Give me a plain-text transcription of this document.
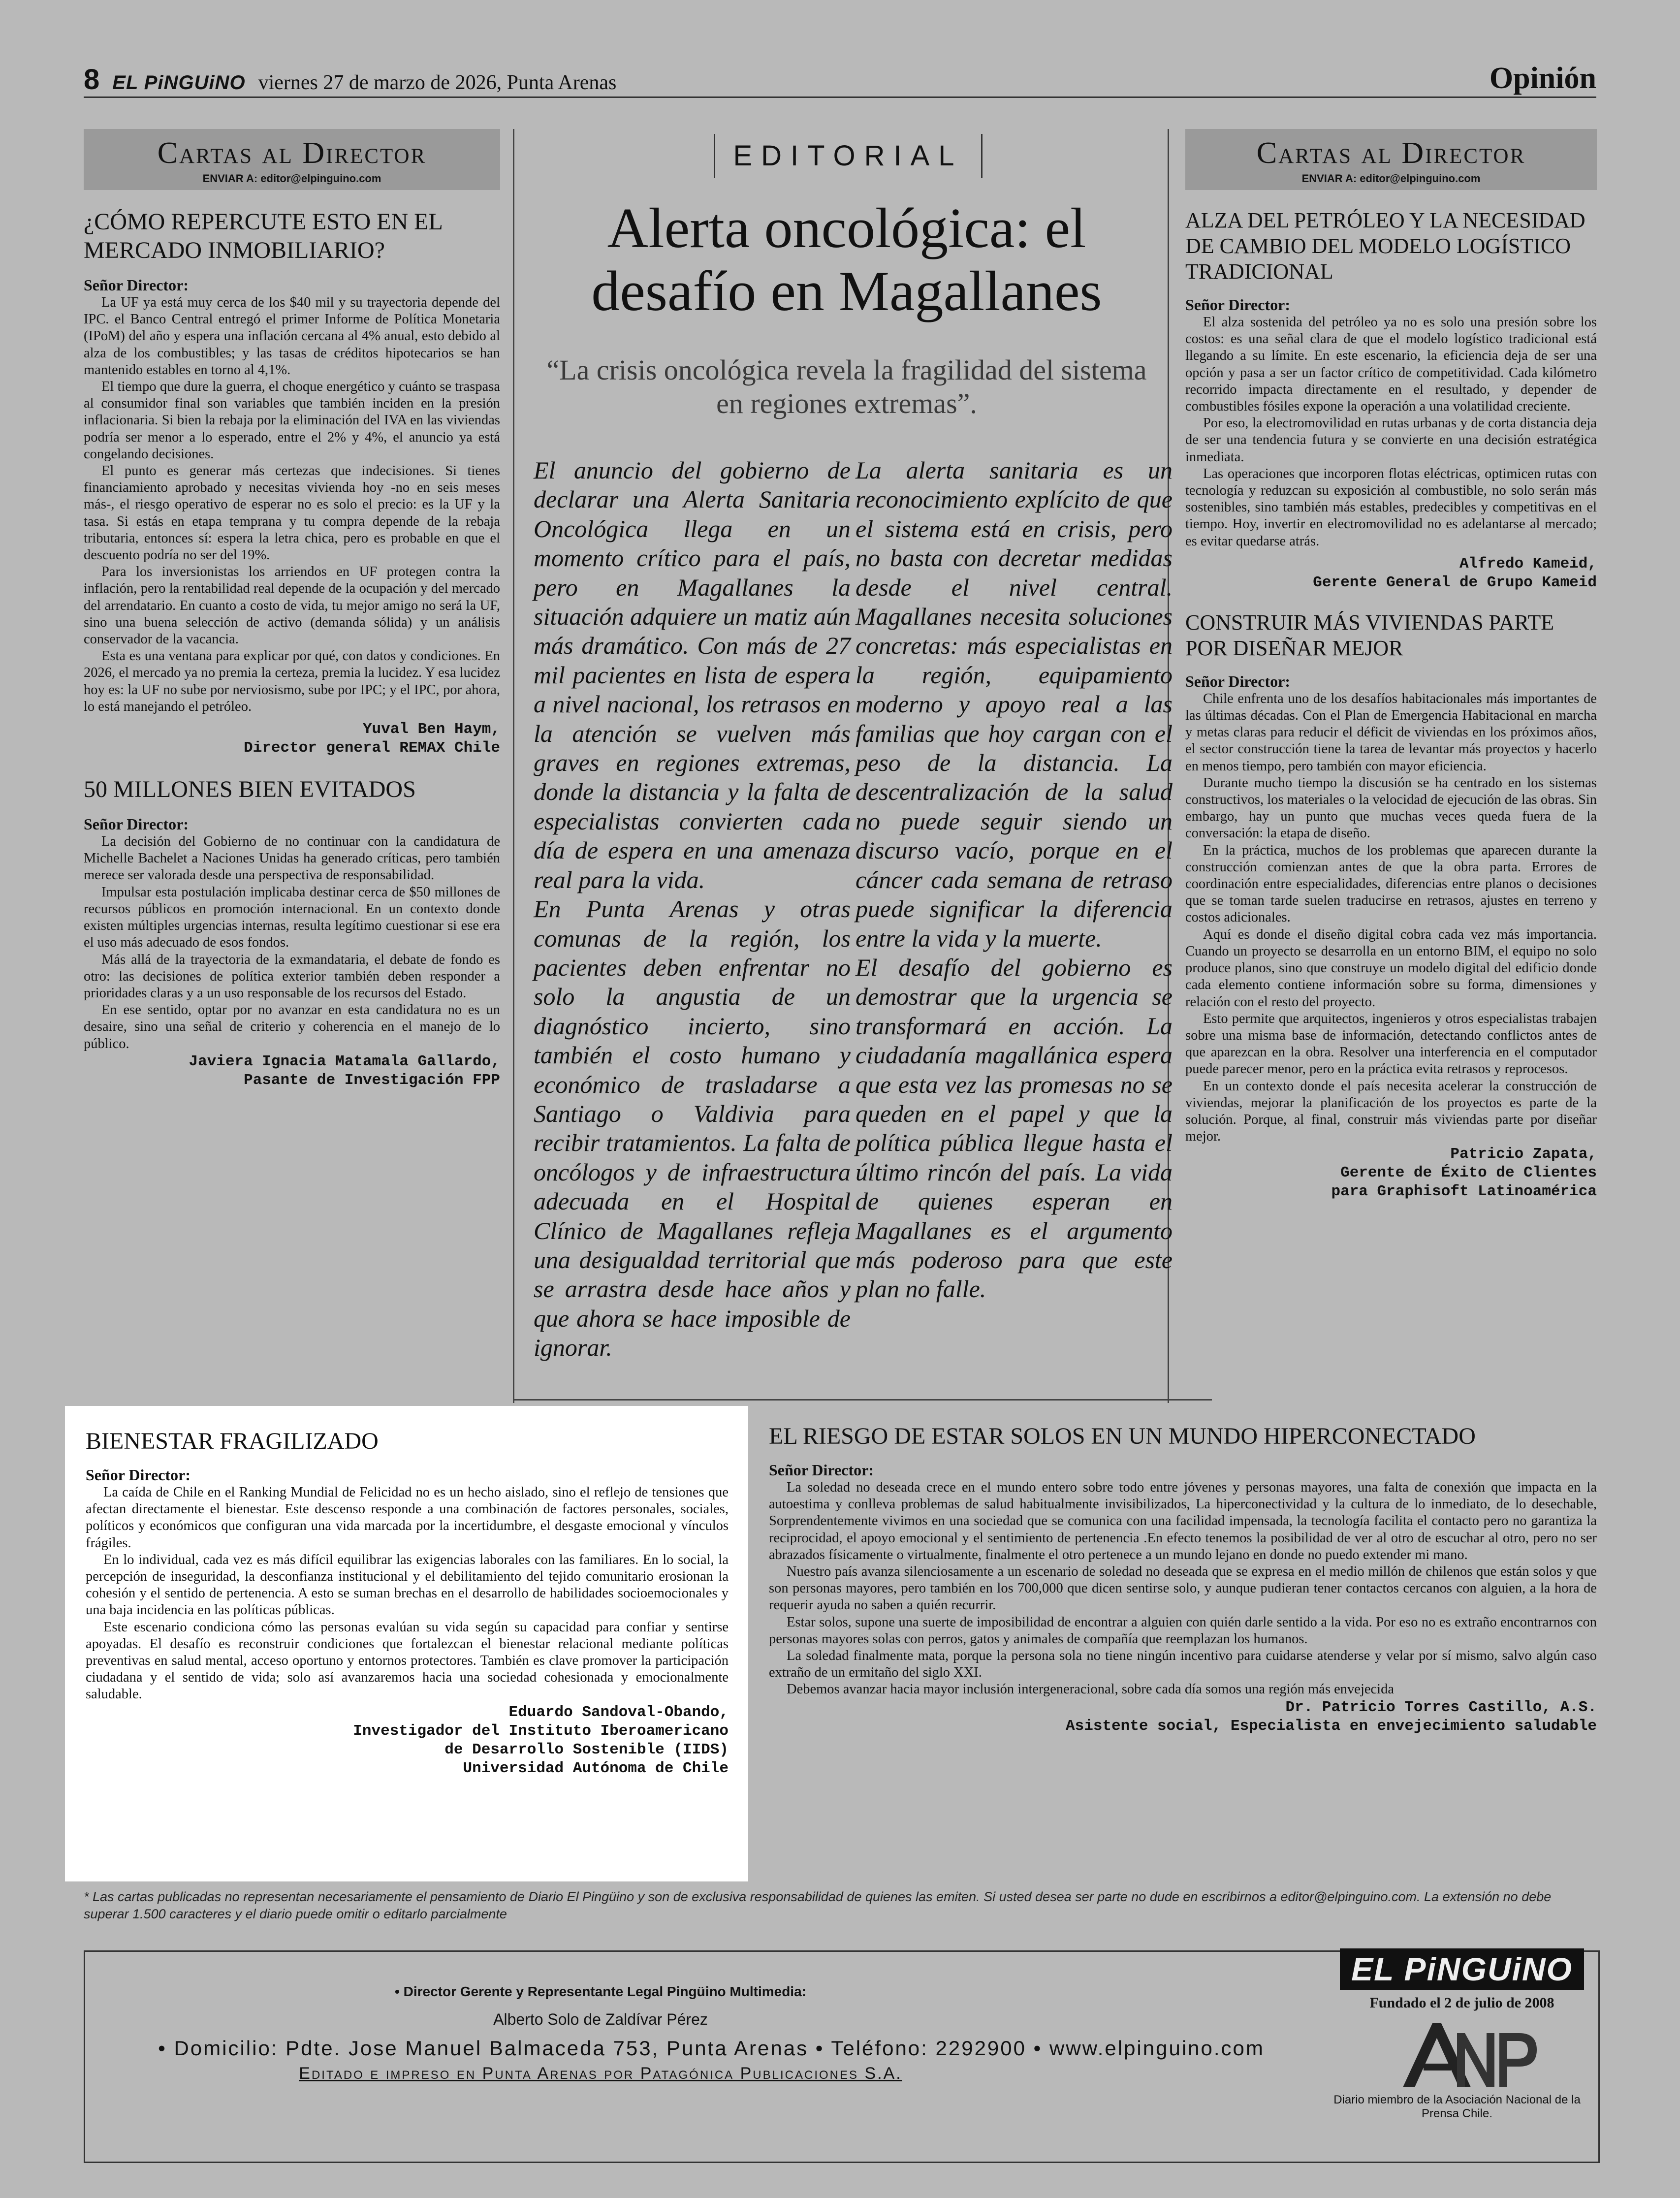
8 EL PiNGUiNO viernes 27 de marzo de 2026, Punta Arenas	Opinión
Cartas al Director
ENVIAR A: editor@elpinguino.com
¿CÓMO REPERCUTE ESTO EN EL MERCADO INMOBILIARIO?
Señor Director:

La UF ya está muy cerca de los $40 mil y su trayectoria depende del IPC. el Banco Central entregó el primer Informe de Política Monetaria (IPoM) del año y espera una inflación cercana al 4% anual, esto debido al alza de los combustibles; y las tasas de créditos hipotecarios se han mantenido estables en torno al 4,1%.

El tiempo que dure la guerra, el choque energético y cuánto se traspasa al consumidor final son variables que también inciden en la presión inflacionaria. Si bien la rebaja por la eliminación del IVA en las viviendas podría ser menor a lo esperado, entre el 2% y 4%, el anuncio ya está congelando decisiones.

El punto es generar más certezas que indecisiones. Si tienes financiamiento aprobado y necesitas vivienda hoy -no en seis meses más-, el riesgo operativo de esperar no es solo el precio: es la UF y la tasa. Si estás en etapa temprana y tu compra depende de la rebaja tributaria, entonces sí: espera la letra chica, pero es probable en que el descuento podría no ser del 19%.

Para los inversionistas los arriendos en UF protegen contra la inflación, pero la rentabilidad real depende de la ocupación y del mercado del arrendatario. En cuanto a costo de vida, tu mejor amigo no será la UF, sino una buena selección de activo (demanda sólida) y un análisis conservador de la vacancia.

Esta es una ventana para explicar por qué, con datos y condiciones. En 2026, el mercado ya no premia la certeza, premia la lucidez. Y esa lucidez hoy es: la UF no sube por nerviosismo, sube por IPC; y el IPC, por ahora, lo está manejando el petróleo.

Yuval Ben Haym,
Director general REMAX Chile
50 MILLONES BIEN EVITADOS
Señor Director:

La decisión del Gobierno de no continuar con la candidatura de Michelle Bachelet a Naciones Unidas ha generado críticas, pero también merece ser valorada desde una perspectiva de responsabilidad.

Impulsar esta postulación implicaba destinar cerca de $50 millones de recursos públicos en promoción internacional. En un contexto donde existen múltiples urgencias internas, resulta legítimo cuestionar si ese era el uso más adecuado de esos fondos.

Más allá de la trayectoria de la exmandataria, el debate de fondo es otro: las decisiones de política exterior también deben responder a prioridades claras y a un uso responsable de los recursos del Estado.

En ese sentido, optar por no avanzar en esta candidatura no es un desaire, sino una señal de criterio y coherencia en el manejo de lo público.

Javiera Ignacia Matamala Gallardo,
Pasante de Investigación FPP
EDITORIAL
Alerta oncológica: el desafío en Magallanes
“La crisis oncológica revela la fragilidad del sistema en regiones extremas”.

El anuncio del gobierno de declarar una Alerta Sanitaria Oncológica llega en un momento crítico para el país, pero en Magallanes la situación adquiere un matiz aún más dramático. Con más de 27 mil pacientes en lista de espera a nivel nacional, los retrasos en la atención se vuelven más graves en regiones extremas, donde la distancia y la falta de especialistas convierten cada día de espera en una amenaza real para la vida.

En Punta Arenas y otras comunas de la región, los pacientes deben enfrentar no solo la angustia de un diagnóstico incierto, sino también el costo humano y económico de trasladarse a Santiago o Valdivia para recibir tratamientos. La falta de oncólogos y de infraestructura adecuada en el Hospital Clínico de Magallanes refleja una desigualdad territorial que se arrastra desde hace años y que ahora se hace imposible de ignorar.

La alerta sanitaria es un reconocimiento explícito de que el sistema está en crisis, pero no basta con decretar medidas desde el nivel central. Magallanes necesita soluciones concretas: más especialistas en la región, equipamiento moderno y apoyo real a las familias que hoy cargan con el peso de la distancia. La descentralización de la salud no puede seguir siendo un discurso vacío, porque en el cáncer cada semana de retraso puede significar la diferencia entre la vida y la muerte.

El desafío del gobierno es demostrar que la urgencia se transformará en acción. La ciudadanía magallánica espera que esta vez las promesas no se queden en el papel y que la política pública llegue hasta el último rincón del país. La vida de quienes esperan en Magallanes es el argumento más poderoso para que este plan no falle.

Cartas al Director
ENVIAR A: editor@elpinguino.com
ALZA DEL PETRÓLEO Y LA NECESIDAD DE CAMBIO DEL MODELO LOGÍSTICO TRADICIONAL
Señor Director:

El alza sostenida del petróleo ya no es solo una presión sobre los costos: es una señal clara de que el modelo logístico tradicional está llegando a su límite. En este escenario, la eficiencia deja de ser una opción y pasa a ser un factor crítico de competitividad. Cada kilómetro recorrido impacta directamente en el resultado, y depender de combustibles fósiles expone la operación a una volatilidad creciente.

Por eso, la electromovilidad en rutas urbanas y de corta distancia deja de ser una tendencia futura y se convierte en una decisión estratégica inmediata.

Las operaciones que incorporen flotas eléctricas, optimicen rutas con tecnología y reduzcan su exposición al combustible, no solo serán más sostenibles, sino también más estables, predecibles y competitivas en el tiempo. Hoy, invertir en electromovilidad no es adelantarse al mercado; es evitar quedarse atrás.

Alfredo Kameid,
Gerente General de Grupo Kameid
CONSTRUIR MÁS VIVIENDAS PARTE POR DISEÑAR MEJOR
Señor Director:

Chile enfrenta uno de los desafíos habitacionales más importantes de las últimas décadas. Con el Plan de Emergencia Habitacional en marcha y metas claras para reducir el déficit de viviendas en los próximos años, el sector construcción tiene la tarea de levantar más proyectos y hacerlo en menos tiempo, pero también con mayor eficiencia.

Durante mucho tiempo la discusión se ha centrado en los sistemas constructivos, los materiales o la velocidad de ejecución de las obras. Sin embargo, hay un punto que muchas veces queda fuera de la conversación: la etapa de diseño.

En la práctica, muchos de los problemas que aparecen durante la construcción comienzan antes de que la obra parta. Errores de coordinación entre especialidades, diferencias entre planos o decisiones que se toman tarde suelen traducirse en retrasos, ajustes en terreno y costos adicionales.

Aquí es donde el diseño digital cobra cada vez más importancia. Cuando un proyecto se desarrolla en un entorno BIM, el equipo no solo produce planos, sino que construye un modelo digital del edificio donde cada elemento contiene información sobre su forma, dimensiones y relación con el resto del proyecto.

Esto permite que arquitectos, ingenieros y otros especialistas trabajen sobre una misma base de información, detectando conflictos antes de que aparezcan en la obra. Resolver una interferencia en el computador puede parecer menor, pero en la práctica evita retrasos y reprocesos.

En un contexto donde el país necesita acelerar la construcción de viviendas, mejorar la planificación de los proyectos es parte de la solución. Porque, al final, construir más viviendas parte por diseñar mejor.

Patricio Zapata,
Gerente de Éxito de Clientes
para Graphisoft Latinoamérica
BIENESTAR FRAGILIZADO
Señor Director:

La caída de Chile en el Ranking Mundial de Felicidad no es un hecho aislado, sino el reflejo de tensiones que afectan directamente el bienestar. Este descenso responde a una combinación de factores personales, sociales, políticos y económicos que configuran una vida marcada por la incertidumbre, el desgaste emocional y vínculos frágiles.

En lo individual, cada vez es más difícil equilibrar las exigencias laborales con las familiares. En lo social, la percepción de inseguridad, la desconfianza institucional y el debilitamiento del tejido comunitario erosionan la cohesión y el sentido de pertenencia. A esto se suman brechas en el desarrollo de habilidades socioemocionales y una baja incidencia en las políticas públicas.

Este escenario condiciona cómo las personas evalúan su vida según su capacidad para confiar y sentirse apoyadas. El desafío es reconstruir condiciones que fortalezcan el bienestar relacional mediante políticas preventivas en salud mental, acceso oportuno y entornos protectores. También es clave promover la participación ciudadana y el sentido de vida; solo así avanzaremos hacia una sociedad cohesionada y emocionalmente saludable.

Eduardo Sandoval-Obando,
Investigador del Instituto Iberoamericano
de Desarrollo Sostenible (IIDS)
Universidad Autónoma de Chile
EL RIESGO DE ESTAR SOLOS EN UN MUNDO HIPERCONECTADO
Señor Director:

La soledad no deseada crece en el mundo entero sobre todo entre jóvenes y personas mayores, una falta de conexión que impacta en la autoestima y conlleva problemas de salud habitualmente invisibilizados, La hiperconectividad y la cultura de lo inmediato, de lo desechable, Sorprendentemente vivimos en una sociedad que se comunica con una facilidad impensada, la tecnología facilita el contacto pero no garantiza la reciprocidad, el apoyo emocional y el sentimiento de pertenencia .En efecto tenemos la posibilidad de ver al otro de escuchar al otro, pero no ser abrazados físicamente o virtualmente, finalmente el otro pertenece a un mundo lejano en donde no puedo extender mi mano.

Nuestro país avanza silenciosamente a un escenario de soledad no deseada que se expresa en el medio millón de chilenos que están solos y que son personas mayores, pero también en los 700,000 que dicen sentirse solo, y aunque pudieran tener contactos cercanos con alguien, a la hora de requerir ayuda no saben a quién recurrir.

Estar solos, supone una suerte de imposibilidad de encontrar a alguien con quién darle sentido a la vida. Por eso no es extraño encontrarnos con personas mayores solas con perros, gatos y animales de compañía que reemplazan los humanos.

La soledad finalmente mata, porque la persona sola no tiene ningún incentivo para cuidarse atenderse y velar por sí mismo, salvo algún caso extraño de un ermitaño del siglo XXI.

Debemos avanzar hacia mayor inclusión intergeneracional, sobre cada día somos una región más envejecida

Dr. Patricio Torres Castillo, A.S.
Asistente social, Especialista en envejecimiento saludable
* Las cartas publicadas no representan necesariamente el pensamiento de Diario El Pingüino y son de exclusiva responsabilidad de quienes las emiten. Si usted desea ser parte no dude en escribirnos a editor@elpinguino.com. La extensión no debe superar 1.500 caracteres y el diario puede omitir o editarlo parcialmente
• Director Gerente y Representante Legal Pingüino Multimedia:
Alberto Solo de Zaldívar Pérez
• Domicilio: Pdte. Jose Manuel Balmaceda 753, Punta Arenas • Teléfono: 2292900 • www.elpinguino.com
Editado e impreso en Punta Arenas por Patagónica Publicaciones S.A.
EL PiNGUiNO
Fundado el 2 de julio de 2008
ANP
Diario miembro de la Asociación Nacional de la Prensa Chile.
